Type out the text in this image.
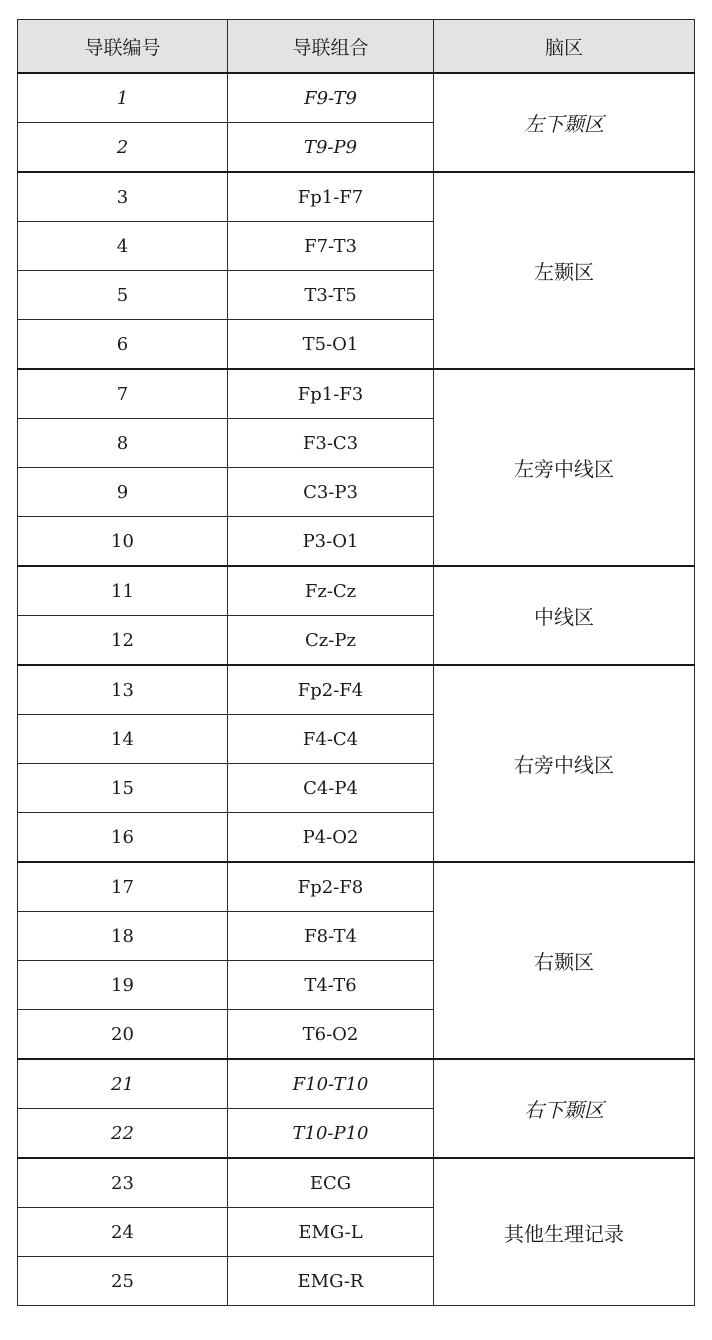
导联编号	导联组合	脑区
1	F9-T9	左下颞区
2	T9-P9	
3	Fp1-F7	左颞区
4	F7-T3	
5	T3-T5	
6	T5-O1	
7	Fp1-F3	左旁中线区
8	F3-C3	
9	C3-P3	
10	P3-O1	
11	Fz-Cz	中线区
12	Cz-Pz	
13	Fp2-F4	右旁中线区
14	F4-C4	
15	C4-P4	
16	P4-O2	
17	Fp2-F8	右颞区
18	F8-T4	
19	T4-T6	
20	T6-O2	
21	F10-T10	右下颞区
22	T10-P10	
23	ECG	其他生理记录
24	EMG-L	
25	EMG-R	
